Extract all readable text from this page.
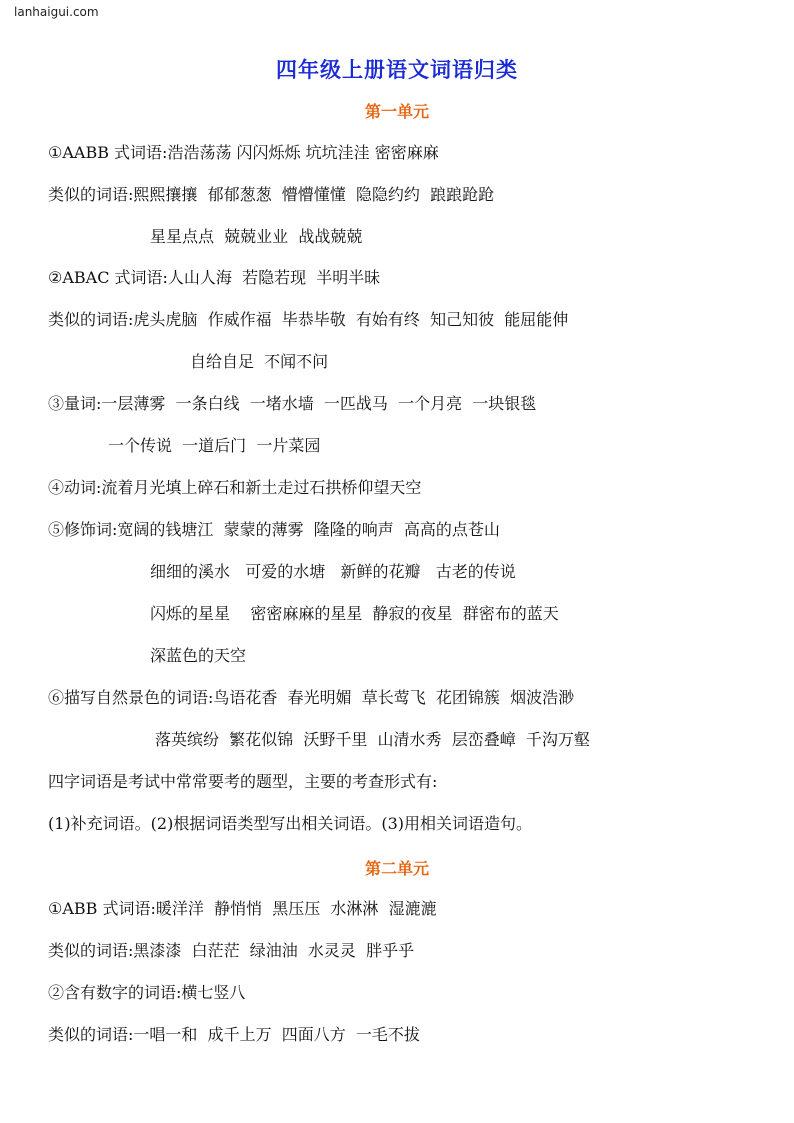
lanhaigui.com
四年级上册语文词语归类
第一单元
①AABB 式词语:浩浩荡荡 闪闪烁烁 坑坑洼洼 密密麻麻
类似的词语:熙熙攘攘  郁郁葱葱  懵懵懂懂  隐隐约约  踉踉跄跄
星星点点  兢兢业业  战战兢兢
②ABAC 式词语:人山人海  若隐若现  半明半昧
类似的词语:虎头虎脑  作威作福  毕恭毕敬  有始有终  知己知彼  能屈能伸
自给自足  不闻不问
③量词:一层薄雾  一条白线  一堵水墙  一匹战马  一个月亮  一块银毯
一个传说  一道后门  一片菜园
④动词:流着月光填上碎石和新土走过石拱桥仰望天空
⑤修饰词:宽阔的钱塘江  蒙蒙的薄雾  隆隆的响声  高高的点苍山
细细的溪水   可爱的水塘   新鲜的花瓣   古老的传说
闪烁的星星    密密麻麻的星星  静寂的夜星  群密布的蓝天
深蓝色的天空
⑥描写自然景色的词语:鸟语花香  春光明媚  草长莺飞  花团锦簇  烟波浩渺
落英缤纷  繁花似锦  沃野千里  山清水秀  层峦叠嶂  千沟万壑
四字词语是考试中常常要考的题型，主要的考查形式有:
(1)补充词语。(2)根据词语类型写出相关词语。(3)用相关词语造句。
第二单元
①ABB 式词语:暖洋洋  静悄悄  黑压压  水淋淋  湿漉漉
类似的词语:黑漆漆  白茫茫  绿油油  水灵灵  胖乎乎
②含有数字的词语:横七竖八
类似的词语:一唱一和  成千上万  四面八方  一毛不拔
